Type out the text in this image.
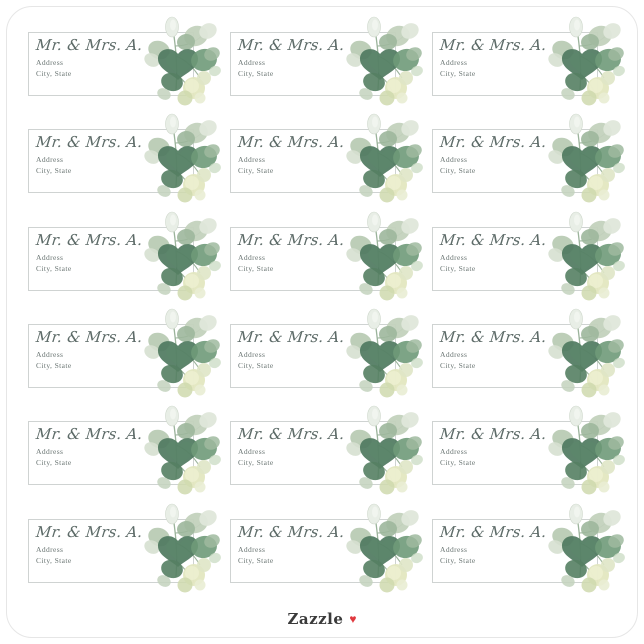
Mr. & Mrs. A.
Address
City, State
Mr. & Mrs. A.
Address
City, State
Mr. & Mrs. A.
Address
City, State
Mr. & Mrs. A.
Address
City, State
Mr. & Mrs. A.
Address
City, State
Mr. & Mrs. A.
Address
City, State
Mr. & Mrs. A.
Address
City, State
Mr. & Mrs. A.
Address
City, State
Mr. & Mrs. A.
Address
City, State
Mr. & Mrs. A.
Address
City, State
Mr. & Mrs. A.
Address
City, State
Mr. & Mrs. A.
Address
City, State
Mr. & Mrs. A.
Address
City, State
Mr. & Mrs. A.
Address
City, State
Mr. & Mrs. A.
Address
City, State
Mr. & Mrs. A.
Address
City, State
Mr. & Mrs. A.
Address
City, State
Mr. & Mrs. A.
Address
City, State
Zazzle ♥
